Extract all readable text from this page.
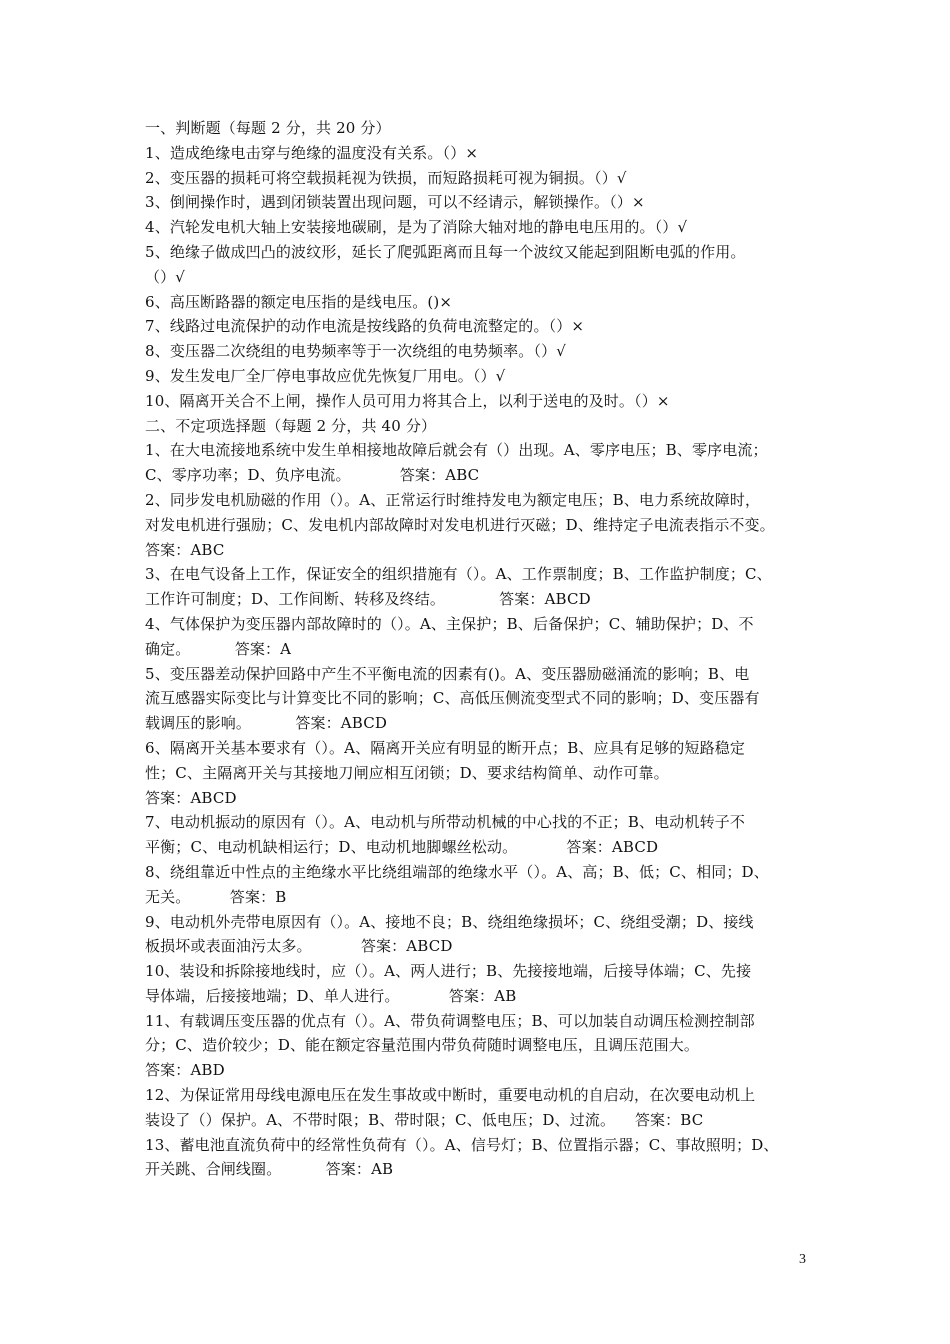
一、判断题（每题 2 分，共 20 分）
1、造成绝缘电击穿与绝缘的温度没有关系。（）×
2、变压器的损耗可将空载损耗视为铁损，而短路损耗可视为铜损。（）√
3、倒闸操作时，遇到闭锁装置出现问题，可以不经请示，解锁操作。（）×
4、汽轮发电机大轴上安装接地碳刷，是为了消除大轴对地的静电电压用的。（）√
5、绝缘子做成凹凸的波纹形，延长了爬弧距离而且每一个波纹又能起到阻断电弧的作用。
（）√
6、高压断路器的额定电压指的是线电压。()×
7、线路过电流保护的动作电流是按线路的负荷电流整定的。（）×
8、变压器二次绕组的电势频率等于一次绕组的电势频率。（）√
9、发生发电厂全厂停电事故应优先恢复厂用电。（）√
10、隔离开关合不上闸，操作人员可用力将其合上，以利于送电的及时。（）×
二、不定项选择题（每题 2 分，共 40 分）
1、在大电流接地系统中发生单相接地故障后就会有（）出现。A、零序电压；B、零序电流；
C、零序功率；D、负序电流。          答案：ABC
2、同步发电机励磁的作用（）。A、正常运行时维持发电为额定电压；B、电力系统故障时，
对发电机进行强励；C、发电机内部故障时对发电机进行灭磁；D、维持定子电流表指示不变。
答案：ABC
3、在电气设备上工作，保证安全的组织措施有（）。A、工作票制度；B、工作监护制度；C、
工作许可制度；D、工作间断、转移及终结。           答案：ABCD
4、气体保护为变压器内部故障时的（）。A、主保护；B、后备保护；C、辅助保护；D、不
确定。         答案：A
5、变压器差动保护回路中产生不平衡电流的因素有()。A、变压器励磁涌流的影响；B、电
流互感器实际变比与计算变比不同的影响；C、高低压侧流变型式不同的影响；D、变压器有
载调压的影响。         答案：ABCD
6、隔离开关基本要求有（）。A、隔离开关应有明显的断开点；B、应具有足够的短路稳定
性；C、主隔离开关与其接地刀闸应相互闭锁；D、要求结构简单、动作可靠。
答案：ABCD
7、电动机振动的原因有（）。A、电动机与所带动机械的中心找的不正；B、电动机转子不
平衡；C、电动机缺相运行；D、电动机地脚螺丝松动。          答案：ABCD
8、绕组靠近中性点的主绝缘水平比绕组端部的绝缘水平（）。A、高；B、低；C、相同；D、
无关。        答案：B
9、电动机外壳带电原因有（）。A、接地不良；B、绕组绝缘损坏；C、绕组受潮；D、接线
板损坏或表面油污太多。          答案：ABCD
10、装设和拆除接地线时，应（）。A、两人进行；B、先接接地端，后接导体端；C、先接
导体端，后接接地端；D、单人进行。          答案：AB
11、有载调压变压器的优点有（）。A、带负荷调整电压；B、可以加装自动调压检测控制部
分；C、造价较少；D、能在额定容量范围内带负荷随时调整电压，且调压范围大。
答案：ABD
12、为保证常用母线电源电压在发生事故或中断时，重要电动机的自启动，在次要电动机上
装设了（）保护。A、不带时限；B、带时限；C、低电压；D、过流。    答案：BC
13、蓄电池直流负荷中的经常性负荷有（）。A、信号灯；B、位置指示器；C、事故照明；D、
开关跳、合闸线圈。         答案：AB
3
